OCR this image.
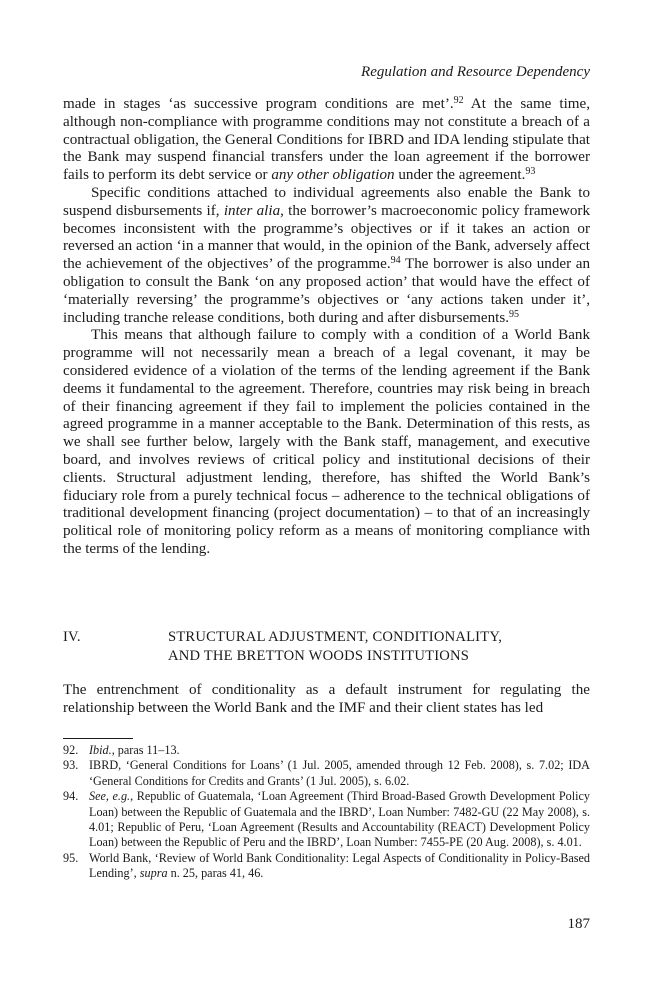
Regulation and Resource Dependency

made in stages ‘as successive program conditions are met’.$^{92}$ At the same time, although non-compliance with programme conditions may not constitute a breach of a contractual obligation, the General Conditions for IBRD and IDA lending stipulate that the Bank may suspend financial transfers under the loan agreement if the borrower fails to perform its debt service or any other obligation under the agreement.$^{93}$

Specific conditions attached to individual agreements also enable the Bank to suspend disbursements if, inter alia, the borrower’s macroeconomic policy framework becomes inconsistent with the programme’s objectives or if it takes an action or reversed an action ‘in a manner that would, in the opinion of the Bank, adversely affect the achievement of the objectives’ of the programme.$^{94}$ The borrower is also under an obligation to consult the Bank ‘on any proposed action’ that would have the effect of ‘materially reversing’ the programme’s objectives or ‘any actions taken under it’, including tranche release conditions, both during and after disbursements.$^{95}$

This means that although failure to comply with a condition of a World Bank programme will not necessarily mean a breach of a legal covenant, it may be considered evidence of a violation of the terms of the lending agreement if the Bank deems it fundamental to the agreement. Therefore, countries may risk being in breach of their financing agreement if they fail to implement the policies contained in the agreed programme in a manner acceptable to the Bank. Determination of this rests, as we shall see further below, largely with the Bank staff, management, and executive board, and involves reviews of critical policy and institutional decisions of their clients. Structural adjustment lending, therefore, has shifted the World Bank’s fiduciary role from a purely technical focus – adherence to the technical obligations of traditional development financing (project documentation) – to that of an increasingly political role of monitoring policy reform as a means of monitoring compliance with the terms of the lending.

IV.	STRUCTURAL ADJUSTMENT, CONDITIONALITY,
AND THE BRETTON WOODS INSTITUTIONS
The entrenchment of conditionality as a default instrument for regulating the relationship between the World Bank and the IMF and their client states has led
92. Ibid., paras 11–13.
93. IBRD, ‘General Conditions for Loans’ (1 Jul. 2005, amended through 12 Feb. 2008), s. 7.02; IDA ‘General Conditions for Credits and Grants’ (1 Jul. 2005), s. 6.02.
94. See, e.g., Republic of Guatemala, ‘Loan Agreement (Third Broad-Based Growth Development Policy Loan) between the Republic of Guatemala and the IBRD’, Loan Number: 7482-GU (22 May 2008), s. 4.01; Republic of Peru, ‘Loan Agreement (Results and Accountability (REACT) Development Policy Loan) between the Republic of Peru and the IBRD’, Loan Number: 7455-PE (20 Aug. 2008), s. 4.01.
95. World Bank, ‘Review of World Bank Conditionality: Legal Aspects of Conditionality in Policy-Based Lending’, supra n. 25, paras 41, 46.
187
